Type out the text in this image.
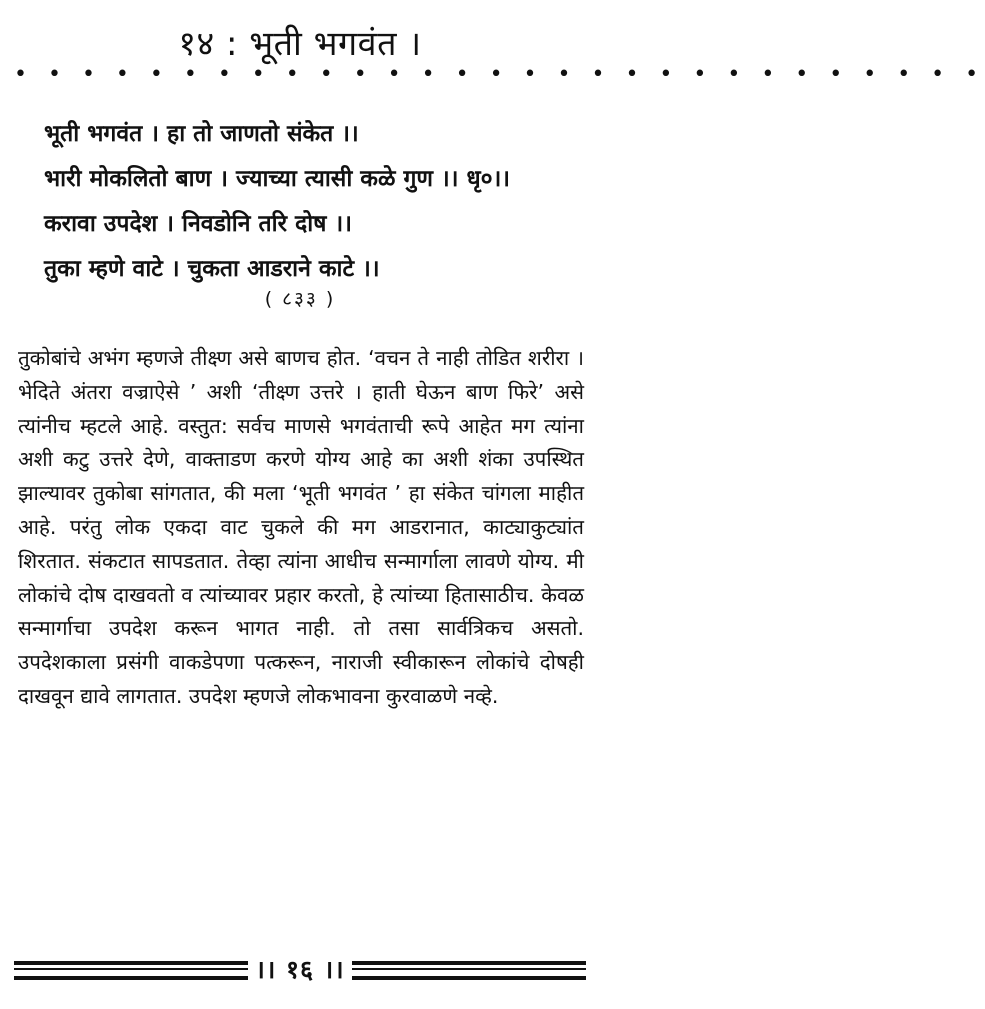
१४ : भूती भगवंत ।
• • • • • • • • • • • • • • • • • • • • • • • • • • • • •
भूती भगवंत । हा तो जाणतो संकेत ।।
भारी मोकलितो बाण । ज्याच्या त्यासी कळे गुण ।। धृ०।।
करावा उपदेश । निवडोनि तरि दोष ।।
तुका म्हणे वाटे । चुकता आडराने काटे ।।
( ८३३ )

तुकोबांचे अभंग म्हणजे तीक्ष्ण असे बाणच होत. ‘वचन ते नाही तोडित शरीरा । भेदिते अंतरा वज्राऐसे ’ अशी ‘तीक्ष्ण उत्तरे । हाती घेऊन बाण फिरे’ असे त्यांनीच म्हटले आहे. वस्तुत: सर्वच माणसे भगवंताची रूपे आहेत मग त्यांना अशी कटु उत्तरे देणे, वाक्ताडण करणे योग्य आहे का अशी शंका उपस्थित झाल्यावर तुकोबा सांगतात, की मला ‘भूती भगवंत ’ हा संकेत चांगला माहीत आहे. परंतु लोक एकदा वाट चुकले की मग आडरानात, काट्याकुट्यांत शिरतात. संकटात सापडतात. तेव्हा त्यांना आधीच सन्मार्गाला लावणे योग्य. मी लोकांचे दोष दाखवतो व त्यांच्यावर प्रहार करतो, हे त्यांच्या हितासाठीच. केवळ सन्मार्गाचा उपदेश करून भागत नाही. तो तसा सार्वत्रिकच असतो. उपदेशकाला प्रसंगी वाकडेपणा पत्करून, नाराजी स्वीकारून लोकांचे दोषही दाखवून द्यावे लागतात. उपदेश म्हणजे लोकभावना कुरवाळणे नव्हे.

।। १६ ।।
